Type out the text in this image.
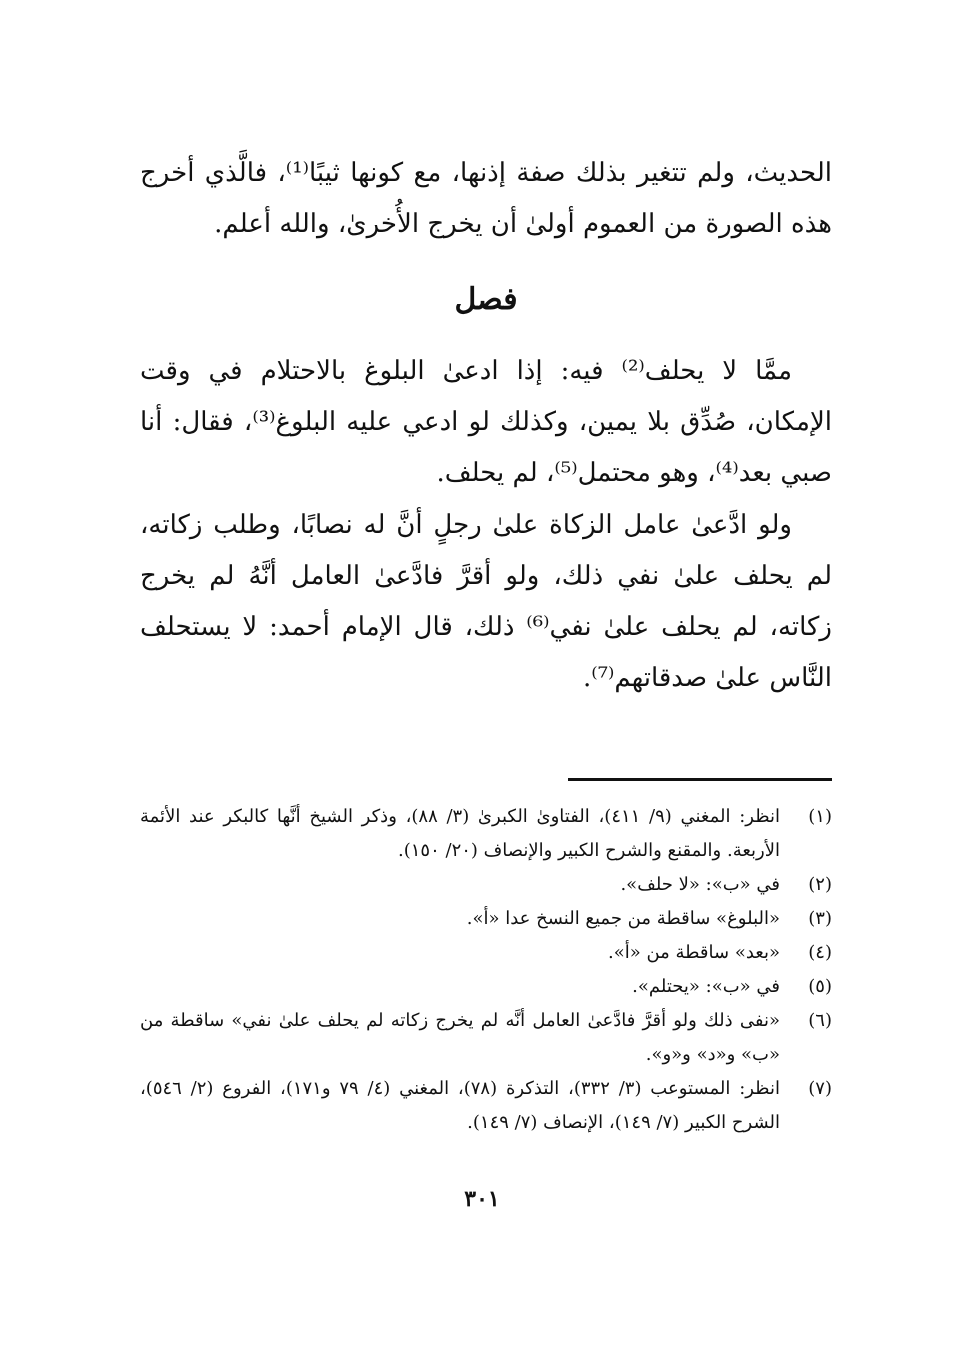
الحديث، ولم تتغير بذلك صفة إذنها، مع كونها ثيبًا⁽¹⁾، فالَّذي أخرج هذه الصورة من العموم أولىٰ أن يخرج الأُخرىٰ، والله أعلم.

فصل

ممَّا لا يحلف⁽²⁾ فيه: إذا ادعىٰ البلوغ بالاحتلام في وقت الإمكان، صُدِّق بلا يمين، وكذلك لو ادعي عليه البلوغ⁽³⁾، فقال: أنا صبي بعد⁽⁴⁾، وهو محتمل⁽⁵⁾، لم يحلف.

ولو ادَّعىٰ عامل الزكاة علىٰ رجلٍ أنَّ له نصابًا، وطلب زكاته، لم يحلف علىٰ نفي ذلك، ولو أقرَّ فادَّعىٰ العامل أنَّهُ لم يخرج زكاته، لم يحلف علىٰ نفي⁽⁶⁾ ذلك، قال الإمام أحمد: لا يستحلف النَّاس علىٰ صدقاتهم⁽⁷⁾.

(١)
انظر: المغني (٩/ ٤١١)، الفتاوىٰ الكبرىٰ (٣/ ٨٨)، وذكر الشيخ أنَّها كالبكر عند الأئمة الأربعة. والمقنع والشرح الكبير والإنصاف (٢٠/ ١٥٠).
(٢)
في «ب»: «لا حلف».
(٣)
«البلوغ» ساقطة من جميع النسخ عدا «أ».
(٤)
«بعد» ساقطة من «أ».
(٥)
في «ب»: «يحتلم».
(٦)
«نفى ذلك ولو أقرَّ فادَّعىٰ العامل أنَّه لم يخرج زكاته لم يحلف علىٰ نفي» ساقطة من «ب» و«د» و«و».
(٧)
انظر: المستوعب (٣/ ٣٣٢)، التذكرة (٧٨)، المغني (٤/ ٧٩ و١٧١)، الفروع (٢/ ٥٤٦)، الشرح الكبير (٧/ ١٤٩)، الإنصاف (٧/ ١٤٩).
٣٠١
